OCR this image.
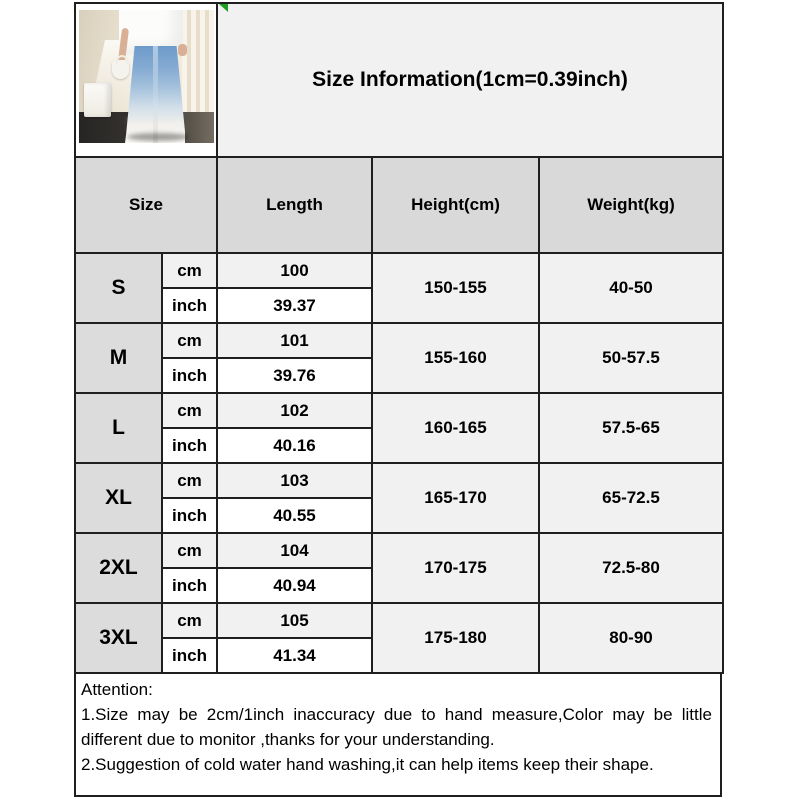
Size Information(1cm=0.39inch)		
Size		Length	Height(cm)	Weight(kg)
S	cm	100	150-155	40-50
	inch	39.37		
M	cm	101	155-160	50-57.5
	inch	39.76		
L	cm	102	160-165	57.5-65
	inch	40.16		
XL	cm	103	165-170	65-72.5
	inch	40.55		
2XL	cm	104	170-175	72.5-80
	inch	40.94		
3XL	cm	105	175-180	80-90
	inch	41.34		
Attention:
1.Size may be 2cm/1inch inaccuracy due to hand measure,Color may be little different due to monitor ,thanks for your understanding.
2.Suggestion of cold water hand washing,it can help items keep their shape.
